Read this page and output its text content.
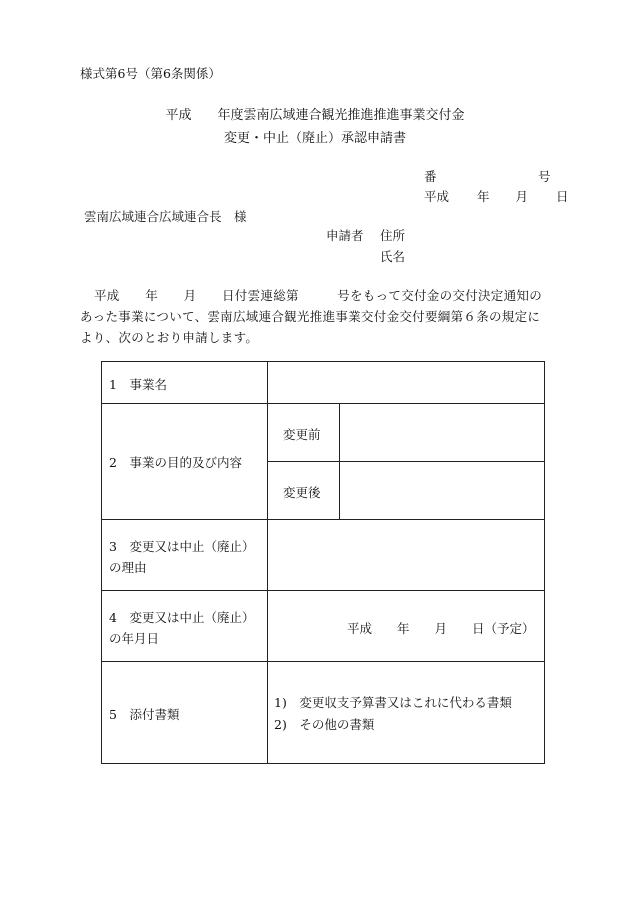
様式第6号（第6条関係）
平成　　年度雲南広域連合観光推進推進事業交付金
変更・中止（廃止）承認申請書
番	号
平成 年 月 日
雲南広域連合広域連合長　様
申請者 住所
氏名
平成　　年　　月　　日付雲連総第　　　号をもって交付金の交付決定通知のあった事業について、雲南広域連合観光推進事業交付金交付要綱第６条の規定により、次のとおり申請します。
1　事業名
2　事業の目的及び内容
変更前
変更後
3　変更又は中止（廃止）
の理由
4　変更又は中止（廃止）
の年月日
平成　　年　　月　　日（予定）
5　添付書類
1)　変更収支予算書又はこれに代わる書類
2)　その他の書類
